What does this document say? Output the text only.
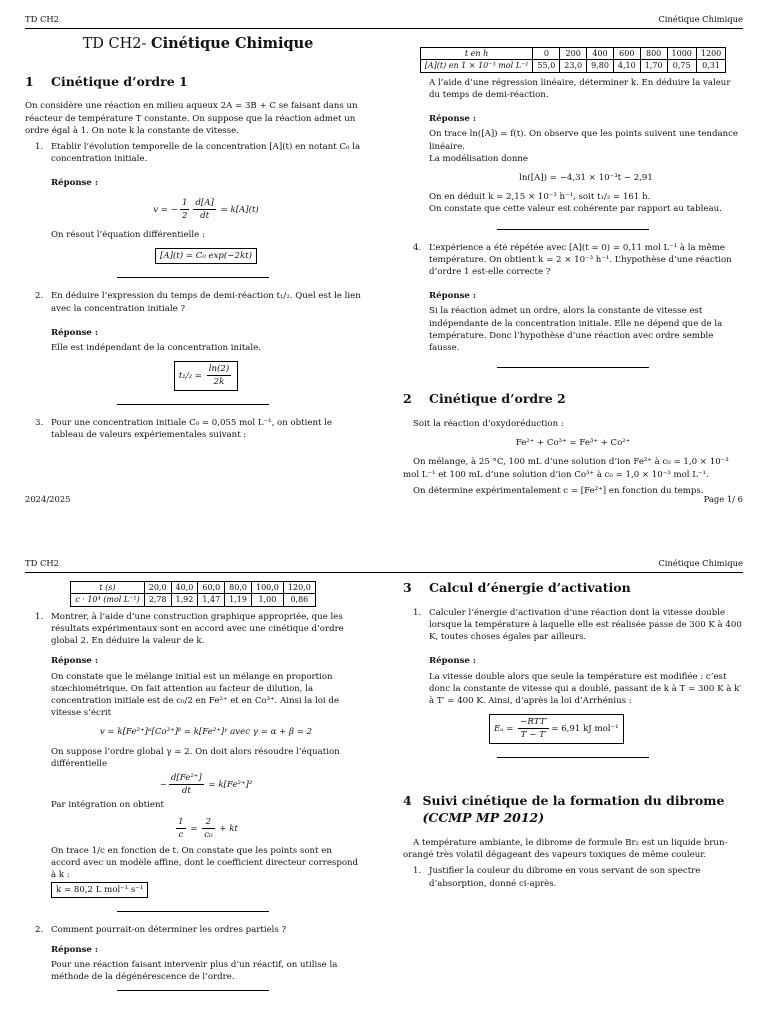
TD CH2	Cinétique Chimique
TD CH2- Cinétique Chimique
1	Cinétique d’ordre 1

On considère une réaction en milieu aqueux 2A = 3B + C se faisant dans un réacteur de température T constante. On suppose que la réaction admet un ordre égal à 1. On note k la constante de vitesse.

1. Etablir l’évolution temporelle de la concentration [A](t) en notant C₀ la concentration initiale.
Réponse :
v = − $\frac{1}{2} \frac{d[A]}{dt} = k[A](t)$

On résout l’équation différentielle :

[A](t) = C₀ exp(−2kt)
2. En déduire l’expression du temps de demi-réaction t₁/₂. Quel est le lien avec la concentration initiale ?
Réponse :

Elle est indépendant de la concentration initale.

$t_1/_2 = \frac{\ln(2)}{2k}$
3. Pour une concentration initiale C₀ = 0,055 mol L⁻¹, on obtient le tableau de valeurs expériementales suivant :
t en h	0	200	400	600	800	1000	1200
[A](t) en 1 × 10⁻³ mol L⁻¹	55,0	23,0	9,80	4,10	1,70	0,75	0,31

A l’aide d’une régression linéaire, déterminer k. En déduire la valeur du temps de demi-réaction.

Réponse :

On trace ln([A]) = f(t). On observe que les points suivent une tendance linéaire.

La modélisation donne

ln([A]) = −4,31 × 10⁻³t − 2,91

On en déduit k = 2,15 × 10⁻³ h⁻¹, soit t₁/₂ = 161 h.

On constate que cette valeur est cohérente par rapport au tableau.

4. L’expérience a été répétée avec [A](t = 0) = 0,11 mol L⁻¹ à la même température. On obtient k = 2 × 10⁻³ h⁻¹. L’hypothèse d’une réaction d’ordre 1 est-elle correcte ?
Réponse :

Si la réaction admet un ordre, alors la constante de vitesse est indépendante de la concentration initiale. Elle ne dépend que de la température. Donc l’hypothèse d’une réaction avec ordre semble fausse.

2	Cinétique d’ordre 2

Soit la réaction d’oxydoréduction :

Fe²⁺ + Co³⁺ = Fe³⁺ + Co²⁺

On mélange, à 25 °C, 100 mL d’une solution d’ion Fe²⁺ à c₀ = 1,0 × 10⁻³ mol L⁻¹ et 100 mL d’une solution d’ion Co³⁺ à c₀ = 1,0 × 10⁻³ mol L⁻¹.

On détermine expérimentalement c = [Fe²⁺] en fonction du temps.

2024/2025	Page 1/ 6
TD CH2	Cinétique Chimique
t (s)	20,0	40,0	60,0	80,0	100,0	120,0
c · 10⁴ (mol L⁻¹)	2,78	1,92	1,47	1,19	1,00	0,86
1. Montrer, à l’aide d’une construction graphique appropriée, que les résultats expérimentaux sont en accord avec une cinétique d’ordre global 2. En déduire la valeur de k.
Réponse :

On constate que le mélange initial est un mélange en proportion stœchiométrique. On fait attention au facteur de dilution, la concentration initiale est de c₀/2 en Fe²⁺ et en Co³⁺. Ainsi la loi de vitesse s’écrit

v = k[Fe²⁺]ᵅ[Co³⁺]ᵝ = k[Fe²⁺]ᵞ avec γ = α + β = 2

On suppose l’ordre global γ = 2. On doit alors résoudre l’équation différentielle

− $\frac{\text{d[Fe²⁺]}}{dt} = k[Fe^{2+}]^2$

Par intégration on obtient

$\frac{1}{c} = \frac{2}{\text{c₀}}$ + kt

On trace 1/c en fonction de t. On constate que les points sont en accord avec un modèle affine, dont le coefficient directeur correspond à k :

k = 80,2 L mol⁻¹ s⁻¹
2. Comment pourrait-on déterminer les ordres partiels ?
Réponse :

Pour une réaction faisant intervenir plus d’un réactif, on utilise la méthode de la dégénérescence de l’ordre.

3	Calcul d’énergie d’activation
1. Calculer l’énergie d’activation d’une réaction dont la vitesse double lorsque la température à laquelle elle est réalisée passe de 300 K à 400 K, toutes choses égales par ailleurs.
Réponse :

La vitesse double alors que seule la température est modifiée : c’est donc la constante de vitesse qui a doublé, passant de k à T = 300 K à k′ à T′ = 400 K. Ainsi, d’après la loi d’Arrhénius :

$E_a = \frac{\text{−RTT′}}{T - T'} = 6,91$ kJ mol⁻¹
4 Suivi cinétique de la formation du dibrome (CCMP MP 2012)

A température ambiante, le dibrome de formule Br₂ est un liquide brun-orangé très volatil dégageant des vapeurs toxiques de même couleur.

1. Justifier la couleur du dibrome en vous servant de son spectre d’absorption, donné ci-après.
